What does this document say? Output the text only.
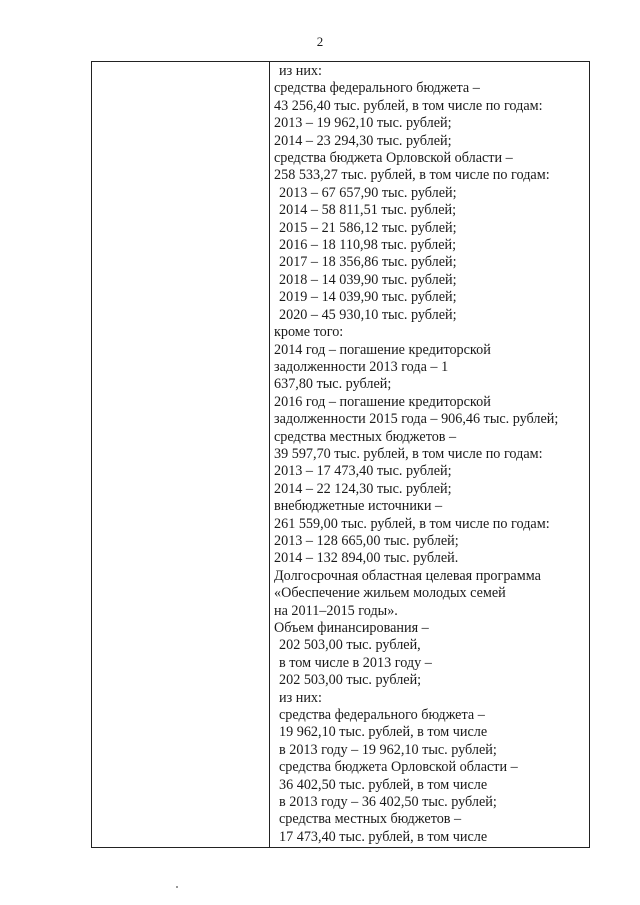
2
из них:
средства федерального бюджета –
43 256,40 тыс. рублей, в том числе по годам:
2013 – 19 962,10 тыс. рублей;
2014 – 23 294,30 тыс. рублей;
средства бюджета Орловской области –
258 533,27 тыс. рублей, в том числе по годам:
2013 – 67 657,90 тыс. рублей;
2014 – 58 811,51 тыс. рублей;
2015 – 21 586,12 тыс. рублей;
2016 – 18 110,98 тыс. рублей;
2017 – 18 356,86 тыс. рублей;
2018 – 14 039,90 тыс. рублей;
2019 – 14 039,90 тыс. рублей;
2020 – 45 930,10 тыс. рублей;
кроме того:
2014 год – погашение кредиторской
задолженности 2013 года – 1
637,80 тыс. рублей;
2016 год – погашение кредиторской
задолженности 2015 года – 906,46 тыс. рублей;
средства местных бюджетов –
39 597,70 тыс. рублей, в том числе по годам:
2013 – 17 473,40 тыс. рублей;
2014 – 22 124,30 тыс. рублей;
внебюджетные источники –
261 559,00 тыс. рублей, в том числе по годам:
2013 – 128 665,00 тыс. рублей;
2014 – 132 894,00 тыс. рублей.
Долгосрочная областная целевая программа
«Обеспечение жильем молодых семей
на 2011–2015 годы».
Объем финансирования –
202 503,00 тыс. рублей,
в том числе в 2013 году –
202 503,00 тыс. рублей;
из них:
средства федерального бюджета –
19 962,10 тыс. рублей, в том числе
в 2013 году – 19 962,10 тыс. рублей;
средства бюджета Орловской области –
36 402,50 тыс. рублей, в том числе
в 2013 году – 36 402,50 тыс. рублей;
средства местных бюджетов –
17 473,40 тыс. рублей, в том числе
